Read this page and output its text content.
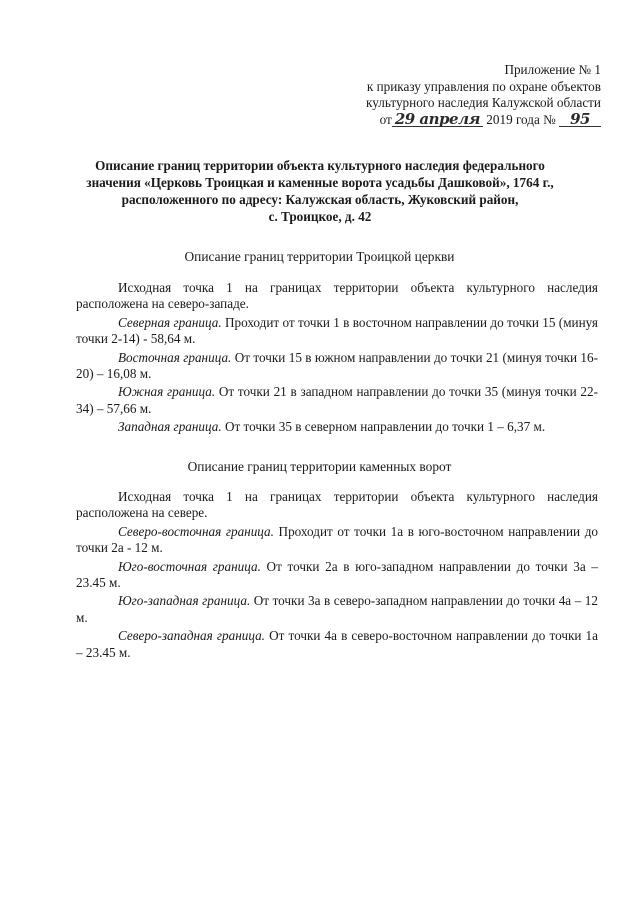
Приложение № 1
к приказу управления по охране объектов
культурного наследия Калужской области
от 29 апреля 2019 года № 95
Описание границ территории объекта культурного наследия федерального
значения «Церковь Троицкая и каменные ворота усадьбы Дашковой», 1764 г.,
расположенного по адресу: Калужская область, Жуковский район,
с. Троицкое, д. 42
Описание границ территории Троицкой церкви

Исходная точка 1 на границах территории объекта культурного наследия расположена на северо-западе.

Северная граница. Проходит от точки 1 в восточном направлении до точки 15 (минуя точки 2-14) - 58,64 м.

Восточная граница. От точки 15 в южном направлении до точки 21 (минуя точки 16-20) – 16,08 м.

Южная граница. От точки 21 в западном направлении до точки 35 (минуя точки 22-34) – 57,66 м.

Западная граница. От точки 35 в северном направлении до точки 1 – 6,37 м.

Описание границ территории каменных ворот

Исходная точка 1 на границах территории объекта культурного наследия расположена на севере.

Северо-восточная граница. Проходит от точки 1а в юго-восточном направлении до точки 2а - 12 м.

Юго-восточная граница. От точки 2а в юго-западном направлении до точки 3а – 23.45 м.

Юго-западная граница. От точки 3а в северо-западном направлении до точки 4а – 12 м.

Северо-западная граница. От точки 4а в северо-восточном направлении до точки 1а – 23.45 м.
